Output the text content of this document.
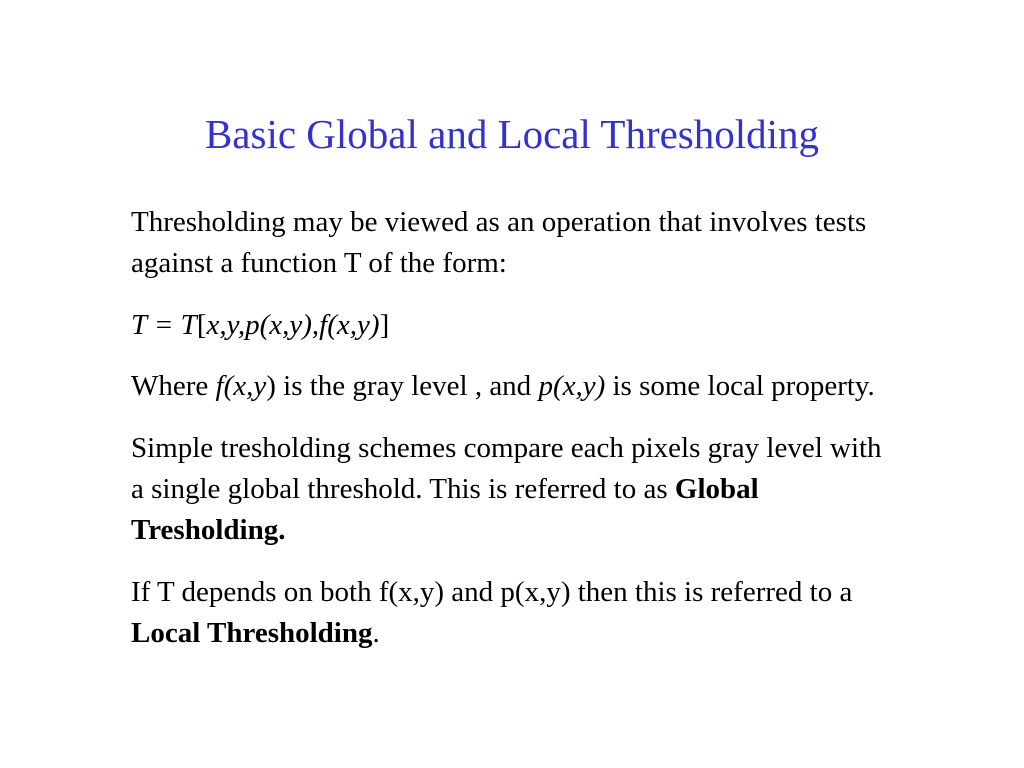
Basic Global and Local Thresholding

Thresholding may be viewed as an operation that involves tests against a function T of the form:

T = T[x,y,p(x,y),f(x,y)]

Where f(x,y) is the gray level , and p(x,y) is some local property.

Simple tresholding schemes compare each pixels gray level with a single global threshold. This is referred to as Global Tresholding.

If T depends on both f(x,y) and p(x,y) then this is referred to a Local Thresholding.
